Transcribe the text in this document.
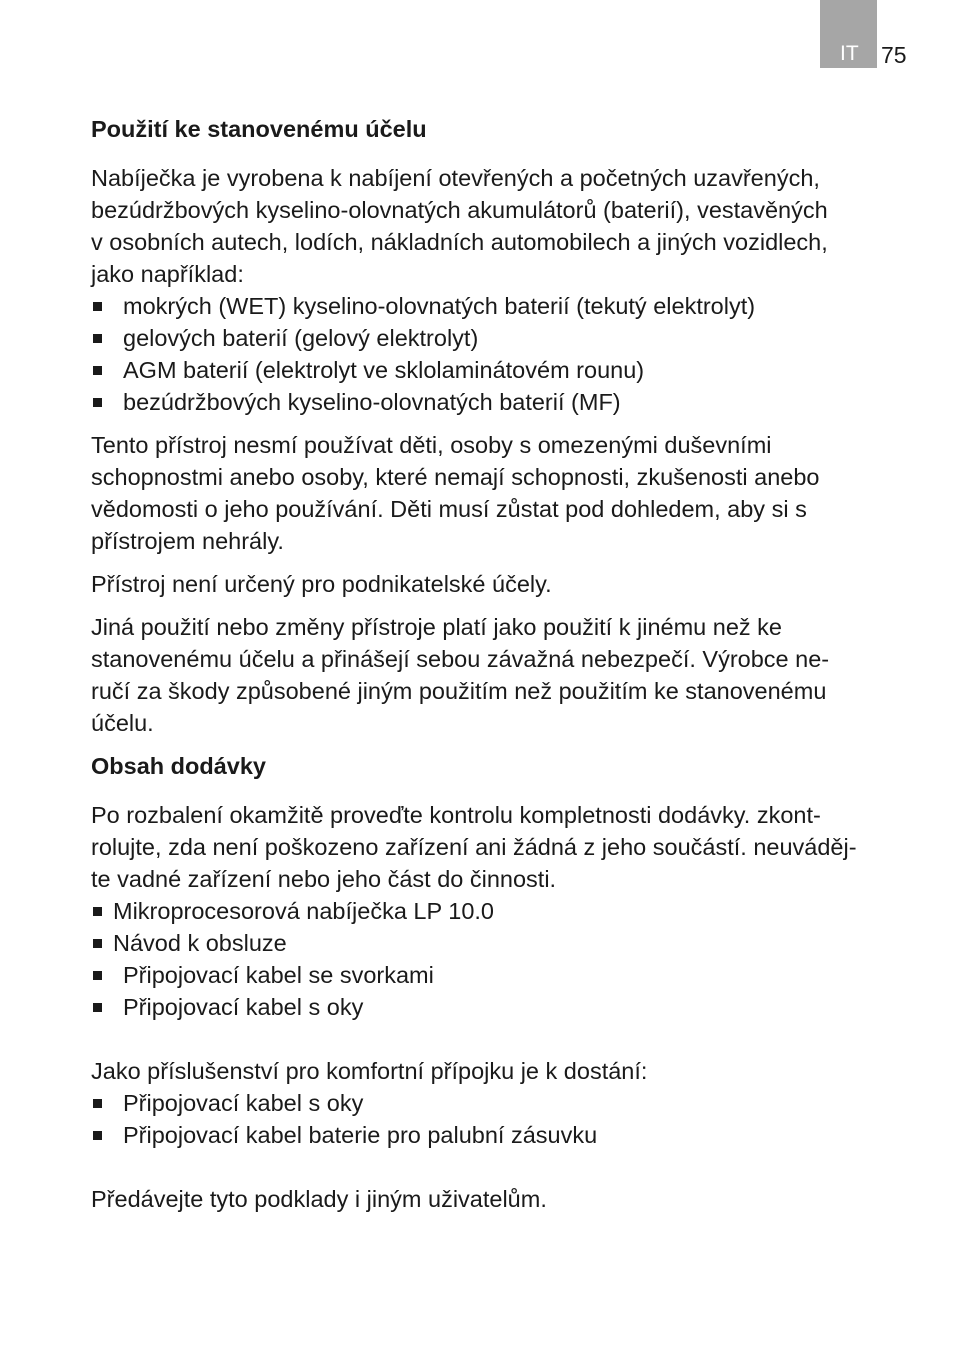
IT 75

Použití ke stanovenému účelu

Nabíječka je vyrobena k nabíjení otevřených a početných uzavřených,
bezúdržbových kyselino-olovnatých akumulátorů (baterií), vestavěných
v osobních autech, lodích, nákladních automobilech a jiných vozidlech,
jako například:

mokrých (WET) kyselino-olovnatých baterií (tekutý elektrolyt)
gelových baterií (gelový elektrolyt)
AGM baterií (elektrolyt ve sklolaminátovém rounu)
bezúdržbových kyselino-olovnatých baterií (MF)

Tento přístroj nesmí používat děti, osoby s omezenými duševními
schopnostmi anebo osoby, které nemají schopnosti, zkušenosti anebo
vědomosti o jeho používání. Děti musí zůstat pod dohledem, aby si s
přístrojem nehrály.

Přístroj není určený pro podnikatelské účely.

Jiná použití nebo změny přístroje platí jako použití k jinému než ke
stanovenému účelu a přinášejí sebou závažná nebezpečí. Výrobce ne-
ručí za škody způsobené jiným použitím než použitím ke stanovenému
účelu.

Obsah dodávky

Po rozbalení okamžitě proveďte kontrolu kompletnosti dodávky. zkont-
rolujte, zda není poškozeno zařízení ani žádná z jeho součástí. neuváděj-
te vadné zařízení nebo jeho část do činnosti.

Mikroprocesorová nabíječka LP 10.0
Návod k obsluze
Připojovací kabel se svorkami
Připojovací kabel s oky

Jako příslušenství pro komfortní přípojku je k dostání:

Připojovací kabel s oky
Připojovací kabel baterie pro palubní zásuvku

Předávejte tyto podklady i jiným uživatelům.
